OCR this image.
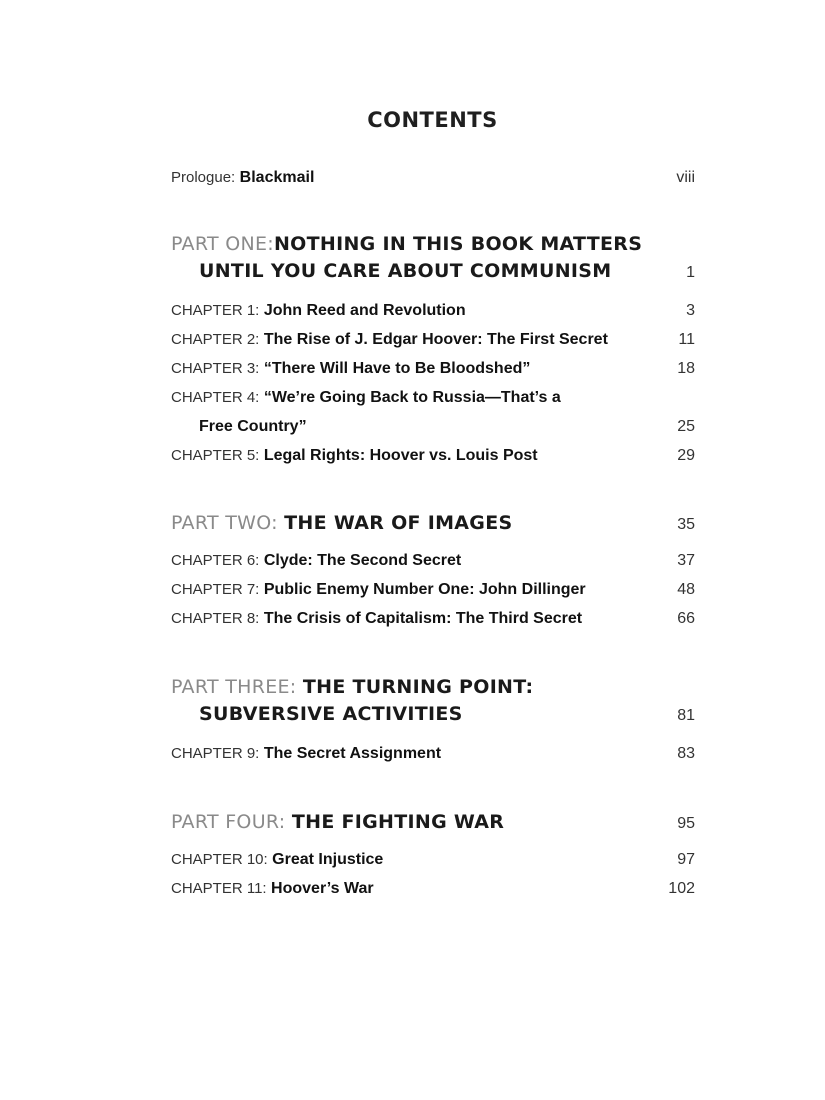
CONTENTS
Prologue: Blackmail	viii
PART ONE:NOTHING IN THIS BOOK MATTERS
UNTIL YOU CARE ABOUT COMMUNISM	1
CHAPTER 1: John Reed and Revolution	3
CHAPTER 2: The Rise of J. Edgar Hoover: The First Secret	11
CHAPTER 3: “There Will Have to Be Bloodshed”	18
CHAPTER 4: “We’re Going Back to Russia—That’s a
Free Country”	25
CHAPTER 5: Legal Rights: Hoover vs. Louis Post	29
PART TWO: THE WAR OF IMAGES	35
CHAPTER 6: Clyde: The Second Secret	37
CHAPTER 7: Public Enemy Number One: John Dillinger	48
CHAPTER 8: The Crisis of Capitalism: The Third Secret	66
PART THREE: THE TURNING POINT:
SUBVERSIVE ACTIVITIES	81
CHAPTER 9: The Secret Assignment	83
PART FOUR: THE FIGHTING WAR	95
CHAPTER 10: Great Injustice	97
CHAPTER 11: Hoover’s War	102
